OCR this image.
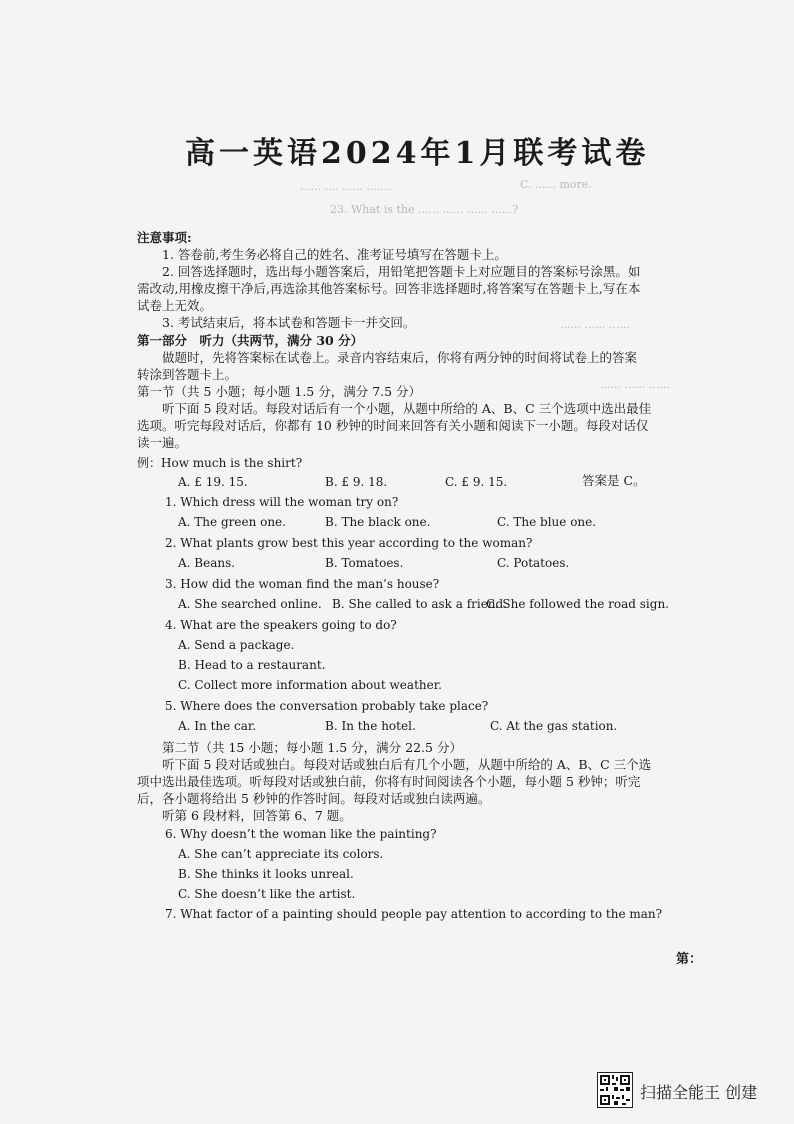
高一英语2024年1月联考试卷
C. ...... more.
...... .... ...... .......
23. What is the ...... ...... ...... ......?
...... ...... ......
...... ...... ......
注意事项:
1. 答卷前,考生务必将自己的姓名、准考证号填写在答题卡上。
2. 回答选择题时，选出每小题答案后，用铅笔把答题卡上对应题目的答案标号涂黑。如
需改动,用橡皮擦干净后,再选涂其他答案标号。回答非选择题时,将答案写在答题卡上,写在本
试卷上无效。
3. 考试结束后，将本试卷和答题卡一并交回。
第一部分　听力（共两节，满分 30 分）
做题时，先将答案标在试卷上。录音内容结束后，你将有两分钟的时间将试卷上的答案
转涂到答题卡上。
第一节（共 5 小题；每小题 1.5 分，满分 7.5 分）
听下面 5 段对话。每段对话后有一个小题，从题中所给的 A、B、C 三个选项中选出最佳
选项。听完每段对话后，你都有 10 秒钟的时间来回答有关小题和阅读下一小题。每段对话仅
读一遍。
例：How much is the shirt?
A. £ 19. 15.	B. £ 9. 18.	C. £ 9. 15.	答案是 C。
1. Which dress will the woman try on?
A. The green one.	B. The black one.	C. The blue one.
2. What plants grow best this year according to the woman?
A. Beans.	B. Tomatoes.	C. Potatoes.
3. How did the woman find the man’s house?
A. She searched online. B. She called to ask a friend.
C. She followed the road sign.
4. What are the speakers going to do?
A. Send a package.
B. Head to a restaurant.
C. Collect more information about weather.
5. Where does the conversation probably take place?
A. In the car.	B. In the hotel.	C. At the gas station.
第二节（共 15 小题；每小题 1.5 分，满分 22.5 分）
听下面 5 段对话或独白。每段对话或独白后有几个小题，从题中所给的 A、B、C 三个选
项中选出最佳选项。听每段对话或独白前，你将有时间阅读各个小题，每小题 5 秒钟；听完
后，各小题将给出 5 秒钟的作答时间。每段对话或独白读两遍。
听第 6 段材料，回答第 6、7 题。
6. Why doesn’t the woman like the painting?
A. She can’t appreciate its colors.
B. She thinks it looks unreal.
C. She doesn’t like the artist.
7. What factor of a painting should people pay attention to according to the man?
第：
扫描全能王 创建
